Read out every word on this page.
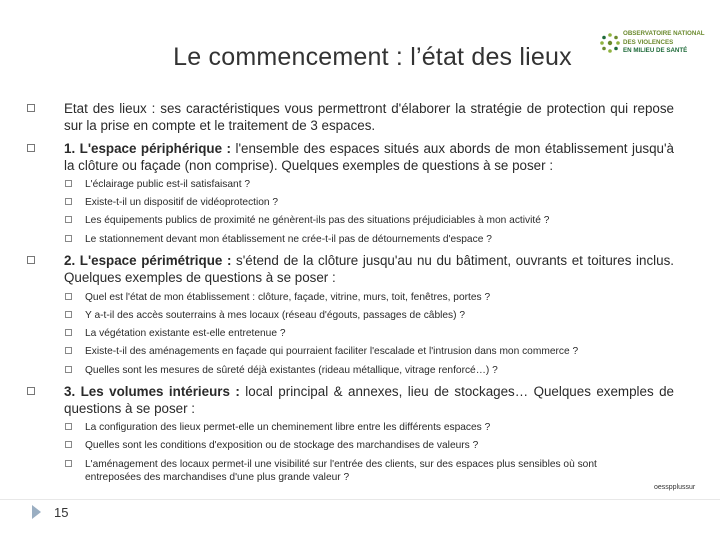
Le commencement : l’état des lieux
OBSERVATOIRE NATIONAL
DES VIOLENCES
EN MILIEU DE SANTÉ
Etat des lieux : ses caractéristiques vous permettront d'élaborer la stratégie de protection qui repose sur la prise en compte et le traitement de 3 espaces.
1. L'espace périphérique : l'ensemble des espaces situés aux abords de mon établissement jusqu'à la clôture ou façade (non comprise). Quelques exemples de questions à se poser :
L'éclairage public est-il satisfaisant ?
Existe-t-il un dispositif de vidéoprotection ?
Les équipements publics de proximité ne génèrent-ils pas des situations préjudiciables à mon activité ?
Le stationnement devant mon établissement ne crée-t-il pas de détournements d'espace ?
2. L'espace périmétrique : s'étend de la clôture jusqu'au nu du bâtiment, ouvrants et toitures inclus. Quelques exemples de questions à se poser :
Quel est l'état de mon établissement : clôture, façade, vitrine, murs, toit, fenêtres, portes ?
Y a-t-il des accès souterrains à mes locaux (réseau d'égouts, passages de câbles) ?
La végétation existante est-elle entretenue ?
Existe-t-il des aménagements en façade qui pourraient faciliter l'escalade et l'intrusion dans mon commerce ?
Quelles sont les mesures de sûreté déjà existantes (rideau métallique, vitrage renforcé…) ?
3. Les volumes intérieurs : local principal & annexes, lieu de stockages… Quelques exemples de questions à se poser :
La configuration des lieux permet-elle un cheminement libre entre les différents espaces ?
Quelles sont les conditions d'exposition ou de stockage des marchandises de valeurs ?
L'aménagement des locaux permet-il une visibilité sur l'entrée des clients, sur des espaces plus sensibles où sont entreposées des marchandises d'une plus grande valeur ?
oesspplussur
15
